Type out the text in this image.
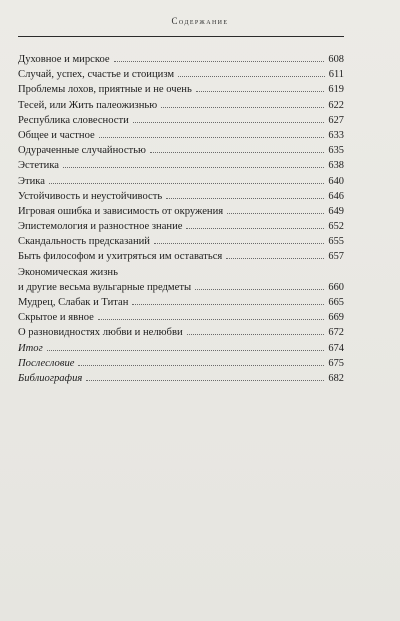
Содержание
Духовное и мирское	608
Случай, успех, счастье и стоицизм	611
Проблемы лохов, приятные и не очень	619
Тесей, или Жить палеожизнью	622
Республика словесности	627
Общее и частное	633
Одураченные случайностью	635
Эстетика	638
Этика	640
Устойчивость и неустойчивость	646
Игровая ошибка и зависимость от окружения	649
Эпистемология и разностное знание	652
Скандальность предсказаний	655
Быть философом и ухитряться им оставаться	657
Экономическая жизнь
и другие весьма вульгарные предметы	660
Мудрец, Слабак и Титан	665
Скрытое и явное	669
О разновидностях любви и нелюбви	672
Итог	674
Послесловие	675
Библиография	682
